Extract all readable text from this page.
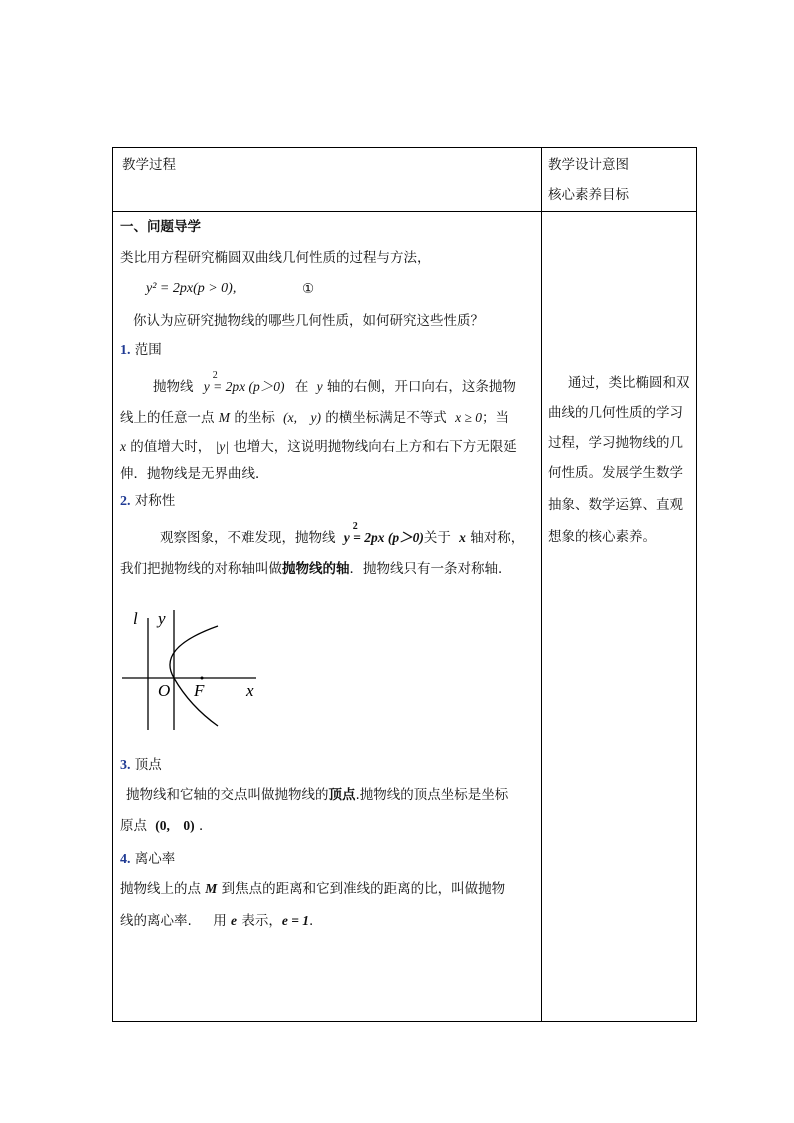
教学过程	教学设计意图
核心素养目标

通过，类比椭圆和双

曲线的几何性质的学习

过程，学习抛物线的几

何性质。发展学生数学

抽象、数学运算、直观

想象的核心素养。

一、问题导学
类比用方程研究椭圆双曲线几何性质的过程与方法，
y² = 2px(p > 0),	①
你认为应研究抛物线的哪些几何性质，如何研究这些性质？
1. 范围
抛物线
2
y = 2px (p＞0) 在 y 轴的右侧，开口向右，这条抛物
线上的任意一点 M 的坐标 (x,    y) 的横坐标满足不等式 x ≥ 0；当
x 的值增大时， |y| 也增大，这说明抛物线向右上方和右下方无限延
伸．抛物线是无界曲线．
2. 对称性
观察图象，不难发现，抛物线
2
y = 2px (p＞0)关于 x 轴对称，
我们把抛物线的对称轴叫做抛物线的轴．抛物线只有一条对称轴．
l y
O F x
3. 顶点
抛物线和它轴的交点叫做抛物线的顶点.抛物线的顶点坐标是坐标
原点 (0,    0) ．
4. 离心率
抛物线上的点 M 到焦点的距离和它到准线的距离的比，叫做抛物
线的离心率.     用 e 表示，e = 1.
